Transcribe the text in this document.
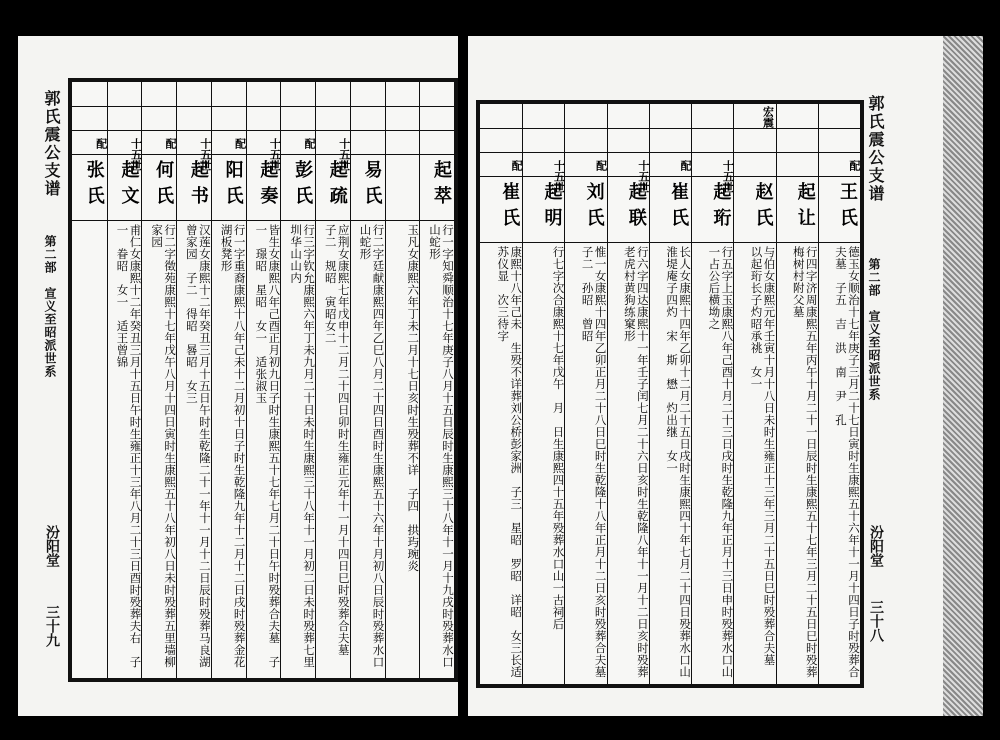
郭氏震公支谱
第二部　宣义至昭派世系
汾阳堂
三十九
郭氏震公支谱
第二部　宣义至昭派世系
汾阳堂
三十八
起萃
行一字知舜顺治十七年庚子八月十五日辰时生康熙三十八年十一月十九戌时殁葬水口山蛇形
玉凡女康熙六年丁未二月十七日亥时生殁葬不详　子四　拱玙琬炎
易氏
行二字廷献康熙四年乙巳八月二十四日酉时生康熙五十六年十月初八日辰时殁葬水口山蛇形
十五世
起疏
应荆女康熙七年戊申十二月二十四日卯时生雍正元年十一月十四日巳时殁葬合夫墓　子二　规昭　寅昭女二
配
彭氏
行三字钦允康熙六年丁未九月二十日未时生康熙三十八年十一月初二日未时殁葬七里圳华山山内
十五世
起奏
皆生女康熙八年己酉正月初九日子时生康熙五十七年七月二十日午时殁葬合夫墓　子一　璟昭　星昭　女一　适张淑玉
配
阳氏
行一字重裔康熙十八年己未十二月初十日子时生乾隆九年十二月十二日戌时殁葬金花湖板凳形
十五世
起书
汉莲女康熙十二年癸丑三月十五日午时生乾隆二十一年十一月十二日辰时殁葬马良湖曾家园　子二　得昭　晷昭　女三
配
何氏
行二字徵苑康熙十七年戊午八月十四日寅时生康熙五十八年初八日未时殁葬五里墙柳家园
十五世
起文
甫仁女康熙十二年癸丑三月十五日午时生雍正十三年八月二十三日酉时殁葬夫右　子一　眷昭　女一　适王曾锦
配
张氏	配
王氏
德玉女顺治十七年庚子三月二十七日寅时生康熙五十六年十一月十四日子时殁葬合夫墓　子五　吉　洪　南　尹　孔
起让
行四字济周康熙五年丙午十月二十一日辰时生康熙五十七年三月二十五日巳时殁葬梅树村附父墓
宏震
赵氏
与伯女康熙元年壬寅十月十八日未时生雍正十三年三月二十五日巳时殁葬合夫墓　以起珩长子灼昭承祧　女一
十五世
起珩
行五字上玉康熙八年己酉十月二十三日戌时生乾隆九年正月十三日申时殁葬水口山一占公后横坳之
配
崔氏
长人女康熙十四年乙卯十二月二十五日戌时生康熙四十年七月二十四日殁葬水口山淮堤庵子四灼　宋　斯　懋　灼出继　女一
十五世
起联
行六字四达康熙十一年壬子闰七月二十六日亥时生乾隆八年十一月十二日亥时殁葬老虎村黄狗练窠形
配
刘氏
惟一女康熙十四年乙卯正月二十八日巳时生乾隆十八年正月十二日亥时殁葬合夫墓　子二　孙昭　曾昭
十五世
起明
行七字次合康熙十七年戊午　月　日生康熙四十五年殁葬水口山一古祠后
配
崔氏
康熙十八年己未　生殁不详葬刘公桥彭家洲　子三　星昭　罗昭　详昭　女三长适苏仪显　次三待字
